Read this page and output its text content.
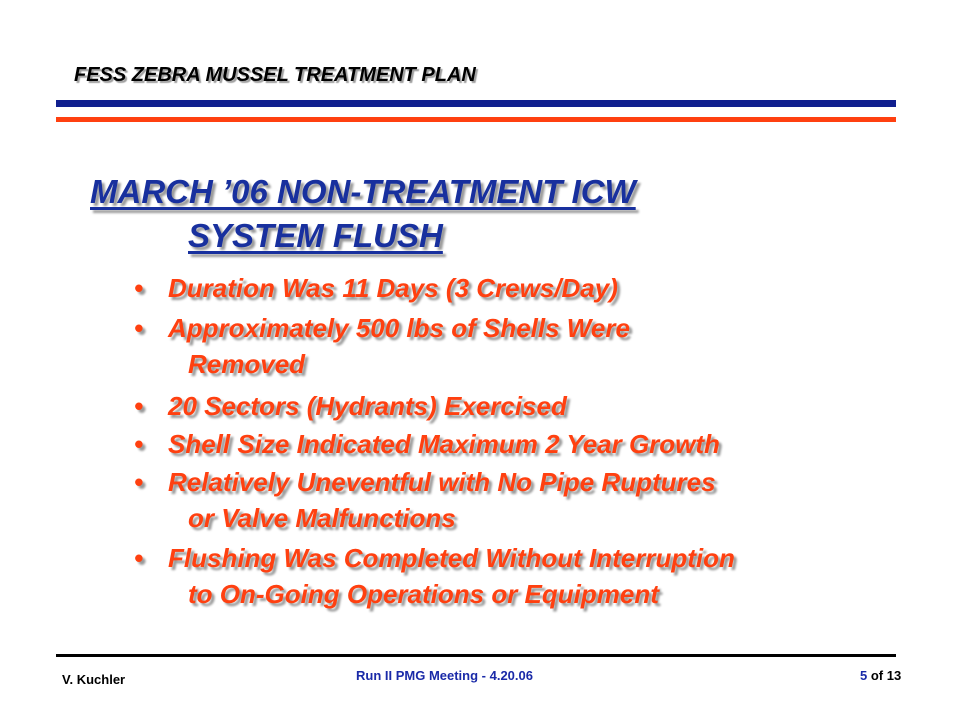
FESS ZEBRA MUSSEL TREATMENT PLAN
MARCH ’06 NON-TREATMENT ICW
SYSTEM FLUSH
• Duration Was 11 Days (3 Crews/Day)
• Approximately 500 lbs of Shells Were
Removed
• 20 Sectors (Hydrants) Exercised
• Shell Size Indicated Maximum 2 Year Growth
• Relatively Uneventful with No Pipe Ruptures
or Valve Malfunctions
• Flushing Was Completed Without Interruption
to On-Going Operations or Equipment
V. Kuchler	Run II PMG Meeting - 4.20.06	5 of 13
